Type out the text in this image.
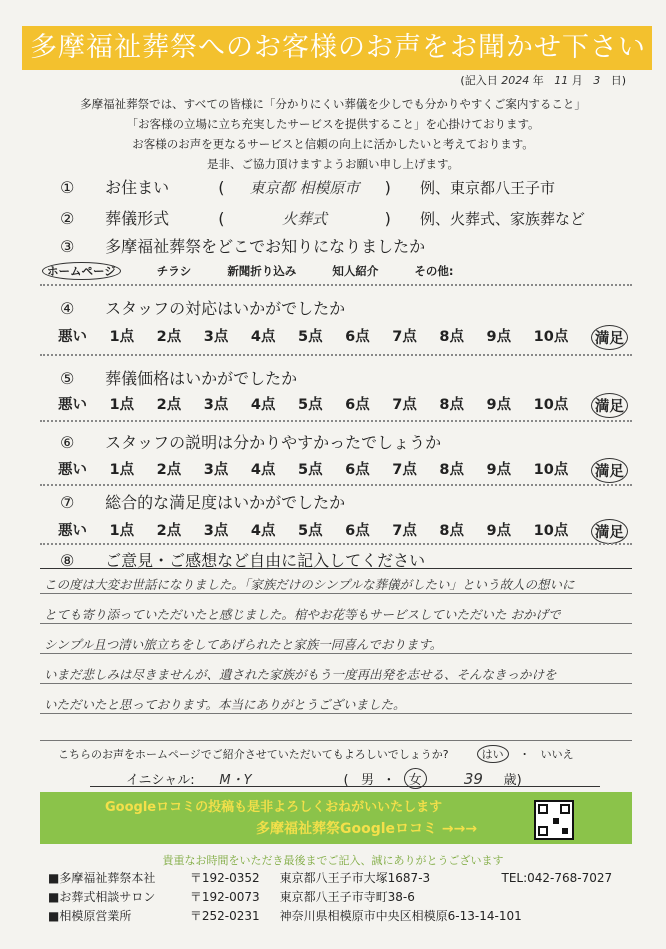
多摩福祉葬祭へのお客様のお声をお聞かせ下さい
(記入日 2024 年 11 月 3 日)
多摩福祉葬祭では、すべての皆様に「分かりにくい葬儀を少しでも分かりやすくご案内すること」
「お客様の立場に立ち充実したサービスを提供すること」を心掛けております。
お客様のお声を更なるサービスと信頼の向上に活かしたいと考えております。
是非、ご協力頂けますようお願い申し上げます。
① お住まい	( 東京都 相模原市 ) 例、東京都八王子市
② 葬儀形式	(	火葬式	) 例、火葬式、家族葬など
③ 多摩福祉葬祭をどこでお知りになりましたか
ホームページ	チラシ	新聞折り込み	知人紹介	その他:
④ スタッフの対応はいかがでしたか
悪い 1点 2点 3点 4点 5点 6点 7点 8点 9点 10点 満足
⑤ 葬儀価格はいかがでしたか
悪い 1点 2点 3点 4点 5点 6点 7点 8点 9点 10点 満足
⑥ スタッフの説明は分かりやすかったでしょうか
悪い 1点 2点 3点 4点 5点 6点 7点 8点 9点 10点 満足
⑦ 総合的な満足度はいかがでしたか
悪い 1点 2点 3点 4点 5点 6点 7点 8点 9点 10点 満足
⑧ ご意見・ご感想など自由に記入してください
この度は大変お世話になりました。「家族だけのシンプルな葬儀がしたい」という故人の想いに
とても寄り添っていただいたと感じました。棺やお花等もサービスしていただいた おかげで
シンプル且つ清い旅立ちをしてあげられたと家族一同喜んでおります。
いまだ悲しみは尽きませんが、遺された家族がもう一度再出発を志せる、そんなきっかけを
いただいたと思っております。本当にありがとうございました。
こちらのお声をホームページでご紹介させていただいてもよろしいでしょうか?	はい ・ いいえ
イニシャル: M・Y	( 男 ・ 女	39 歳)
Googleロコミの投稿も是非よろしくおねがいいたします
多摩福祉葬祭Googleロコミ →→→
貴重なお時間をいただき最後までご記入、誠にありがとうございます
■多摩福祉葬祭本社	〒192-0352 東京都八王子市大塚1687-3	TEL:042-768-7027
■お葬式相談サロン	〒192-0073 東京都八王子市寺町38-6
■相模原営業所	〒252-0231 神奈川県相模原市中央区相模原6-13-14-101
